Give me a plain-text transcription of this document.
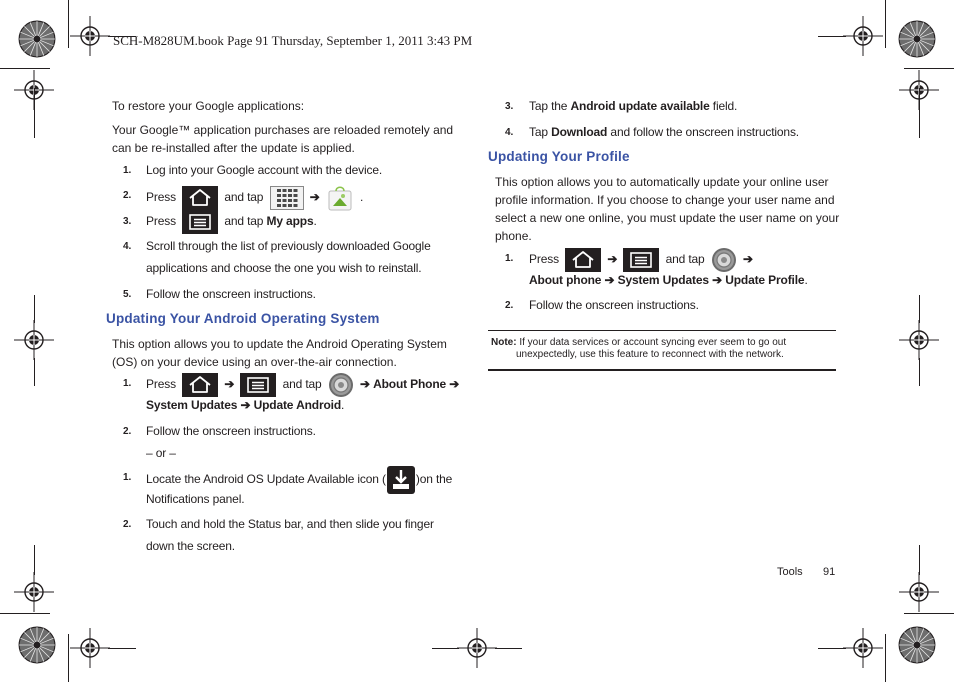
SCH-M828UM.book Page 91 Thursday, September 1, 2011 3:43 PM
To restore your Google applications:
Your Google™ application purchases are reloaded remotely and can be re-installed after the update is applied.
1. Log into your Google account with the device.
2. Press	and tap	➔	.
3. Press	and tap My apps.
4. Scroll through the list of previously downloaded Google
applications and choose the one you wish to reinstall.
5. Follow the onscreen instructions.
Updating Your Android Operating System
This option allows you to update the Android Operating System (OS) on your device using an over-the-air connection.
1. Press	➔	and tap	➔ About Phone ➔
System Updates ➔ Update Android.
2. Follow the onscreen instructions.
– or –
1. Locate the Android OS Update Available icon (	)on the
Notifications panel.
2. Touch and hold the Status bar, and then slide you finger
down the screen.
3. Tap the Android update available field.
4. Tap Download and follow the onscreen instructions.
Updating Your Profile
This option allows you to automatically update your online user profile information. If you choose to change your user name and select a new one online, you must update the user name on your phone.
1. Press	➔	and tap	➔
About phone ➔ System Updates ➔ Update Profile.
2. Follow the onscreen instructions.
Note: If your data services or account syncing ever seem to go out
unexpectedly, use this feature to reconnect with the network.
Tools 91
